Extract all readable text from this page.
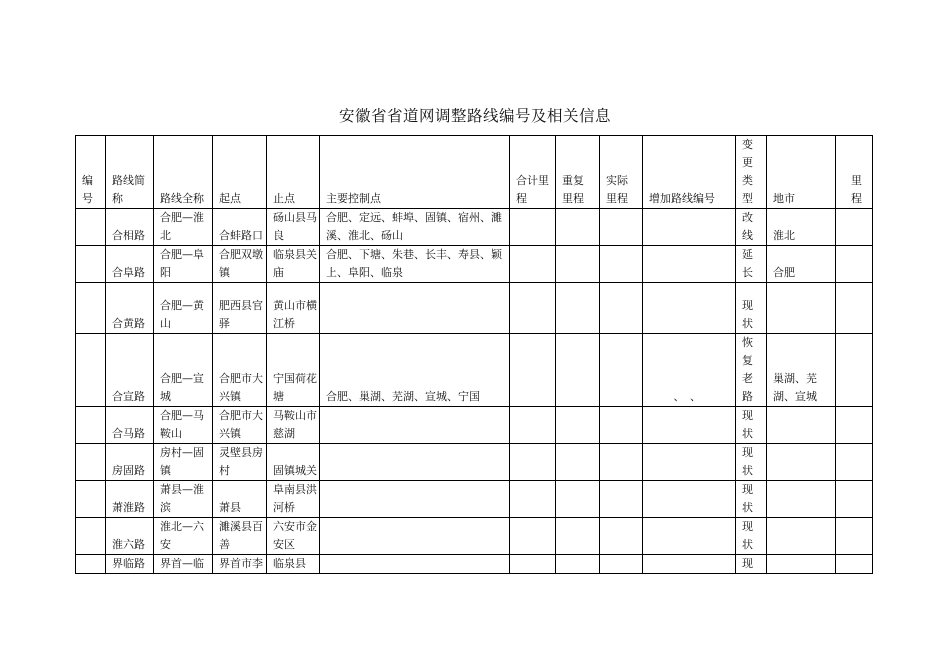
安徽省省道网调整路线编号及相关信息
编号	路线简称	路线全称	起点	止点	主要控制点	合计里程	重复里程	实际里程	增加路线编号	变更类型	地市	里程
	合相路	合肥—淮北	合蚌路口	砀山县马良	合肥、定远、蚌埠、固镇、宿州、濉溪、淮北、砀山					改线	淮北	
	合阜路	合肥—阜阳	合肥双墩镇	临泉县关庙	合肥、下塘、朱巷、长丰、寿县、颖上、阜阳、临泉					延长	合肥	
	合黄路	合肥—黄山	肥西县官驿	黄山市横江桥						现状		
	合宣路	合肥—宣城	合肥市大兴镇	宁国荷花塘	合肥、巢湖、芜湖、宣城、宁国				、　、	恢复老路	巢湖、芜湖、宣城	
	合马路	合肥—马鞍山	合肥市大兴镇	马鞍山市慈湖						现状		
	房固路	房村—固镇	灵壁县房村	固镇城关						现状		
	萧淮路	萧县—淮滨	萧县	阜南县洪河桥						现状		
	淮六路	淮北—六安	濉溪县百善	六安市金安区						现状		
	界临路	界首—临	界首市李	临泉县						现		
